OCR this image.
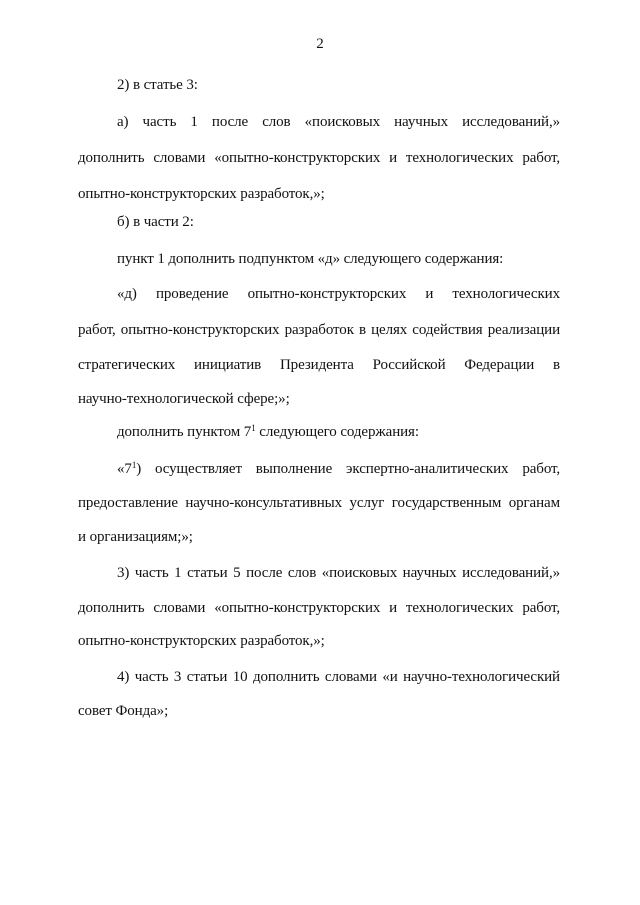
2
2) в статье 3:
а) часть 1 после слов «поисковых научных исследований,»
дополнить словами «опытно-конструкторских и технологических работ,
опытно-конструкторских разработок,»;
б) в части 2:
пункт 1 дополнить подпунктом «д» следующего содержания:
«д) проведение опытно-конструкторских и технологических
работ, опытно-конструкторских разработок в целях содействия реализации
стратегических инициатив Президента Российской Федерации в
научно-технологической сфере;»;
дополнить пунктом $7^1$ следующего содержания:
«$7^1$) осуществляет выполнение экспертно-аналитических работ,
предоставление научно-консультативных услуг государственным органам
и организациям;»;
3) часть 1 статьи 5 после слов «поисковых научных исследований,»
дополнить словами «опытно-конструкторских и технологических работ,
опытно-конструкторских разработок,»;
4) часть 3 статьи 10 дополнить словами «и научно-технологический
совет Фонда»;
